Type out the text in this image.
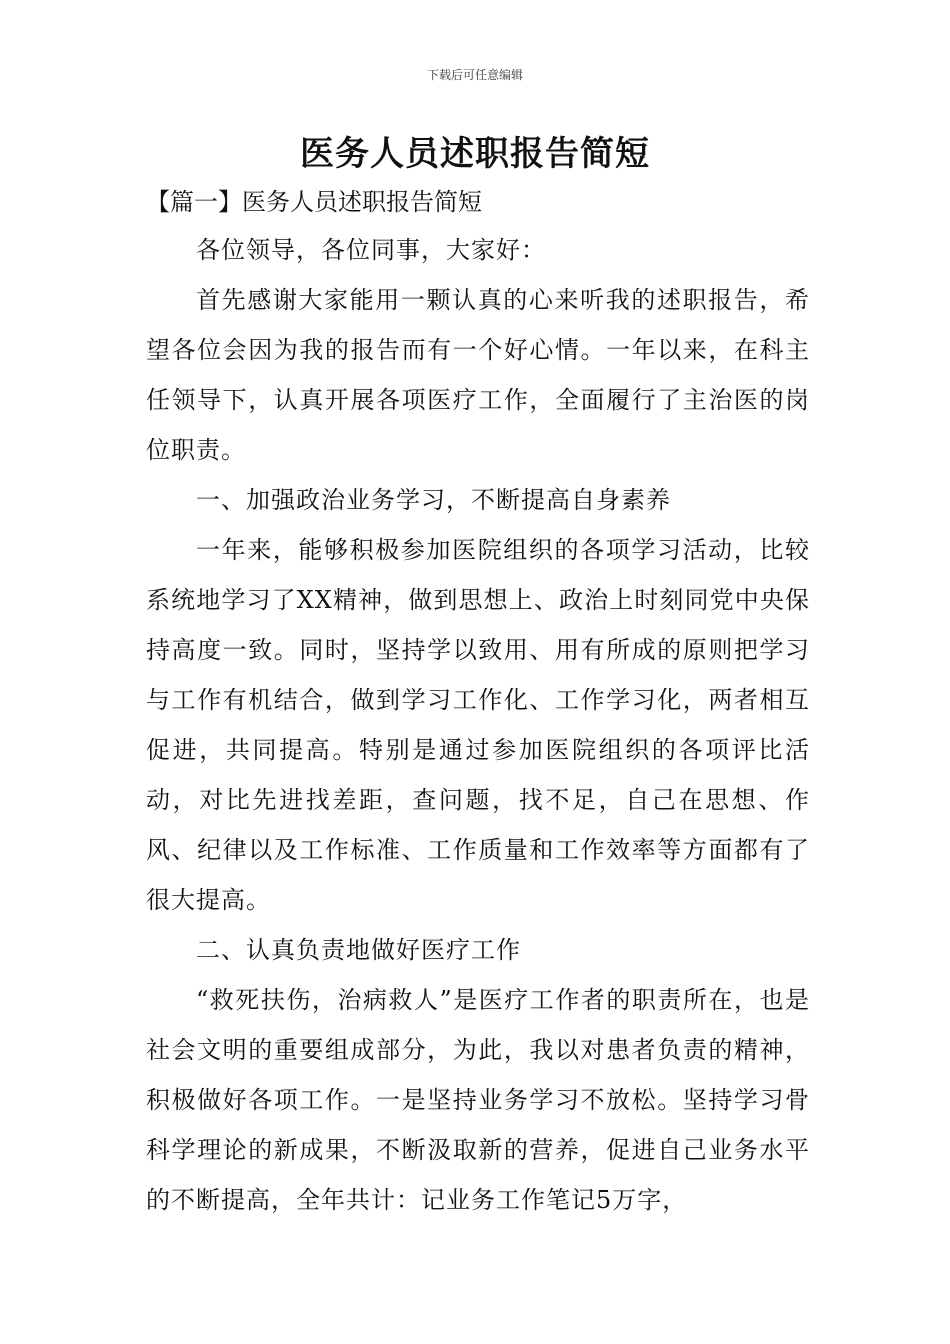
下载后可任意编辑
医务人员述职报告简短
【篇一】医务人员述职报告简短

各位领导，各位同事，大家好：

首先感谢大家能用一颗认真的心来听我的述职报告，希望各位会因为我的报告而有一个好心情。一年以来，在科主任领导下，认真开展各项医疗工作，全面履行了主治医的岗位职责。

一、加强政治业务学习，不断提高自身素养

一年来，能够积极参加医院组织的各项学习活动，比较系统地学习了XX精神，做到思想上、政治上时刻同党中央保持高度一致。同时，坚持学以致用、用有所成的原则把学习与工作有机结合，做到学习工作化、工作学习化，两者相互促进，共同提高。特别是通过参加医院组织的各项评比活动，对比先进找差距，查问题，找不足，自己在思想、作风、纪律以及工作标准、工作质量和工作效率等方面都有了很大提高。

二、认真负责地做好医疗工作

“救死扶伤，治病救人”是医疗工作者的职责所在，也是社会文明的重要组成部分，为此，我以对患者负责的精神，积极做好各项工作。一是坚持业务学习不放松。坚持学习骨科学理论的新成果，不断汲取新的营养，促进自己业务水平的不断提高，全年共计：记业务工作笔记5万字，
